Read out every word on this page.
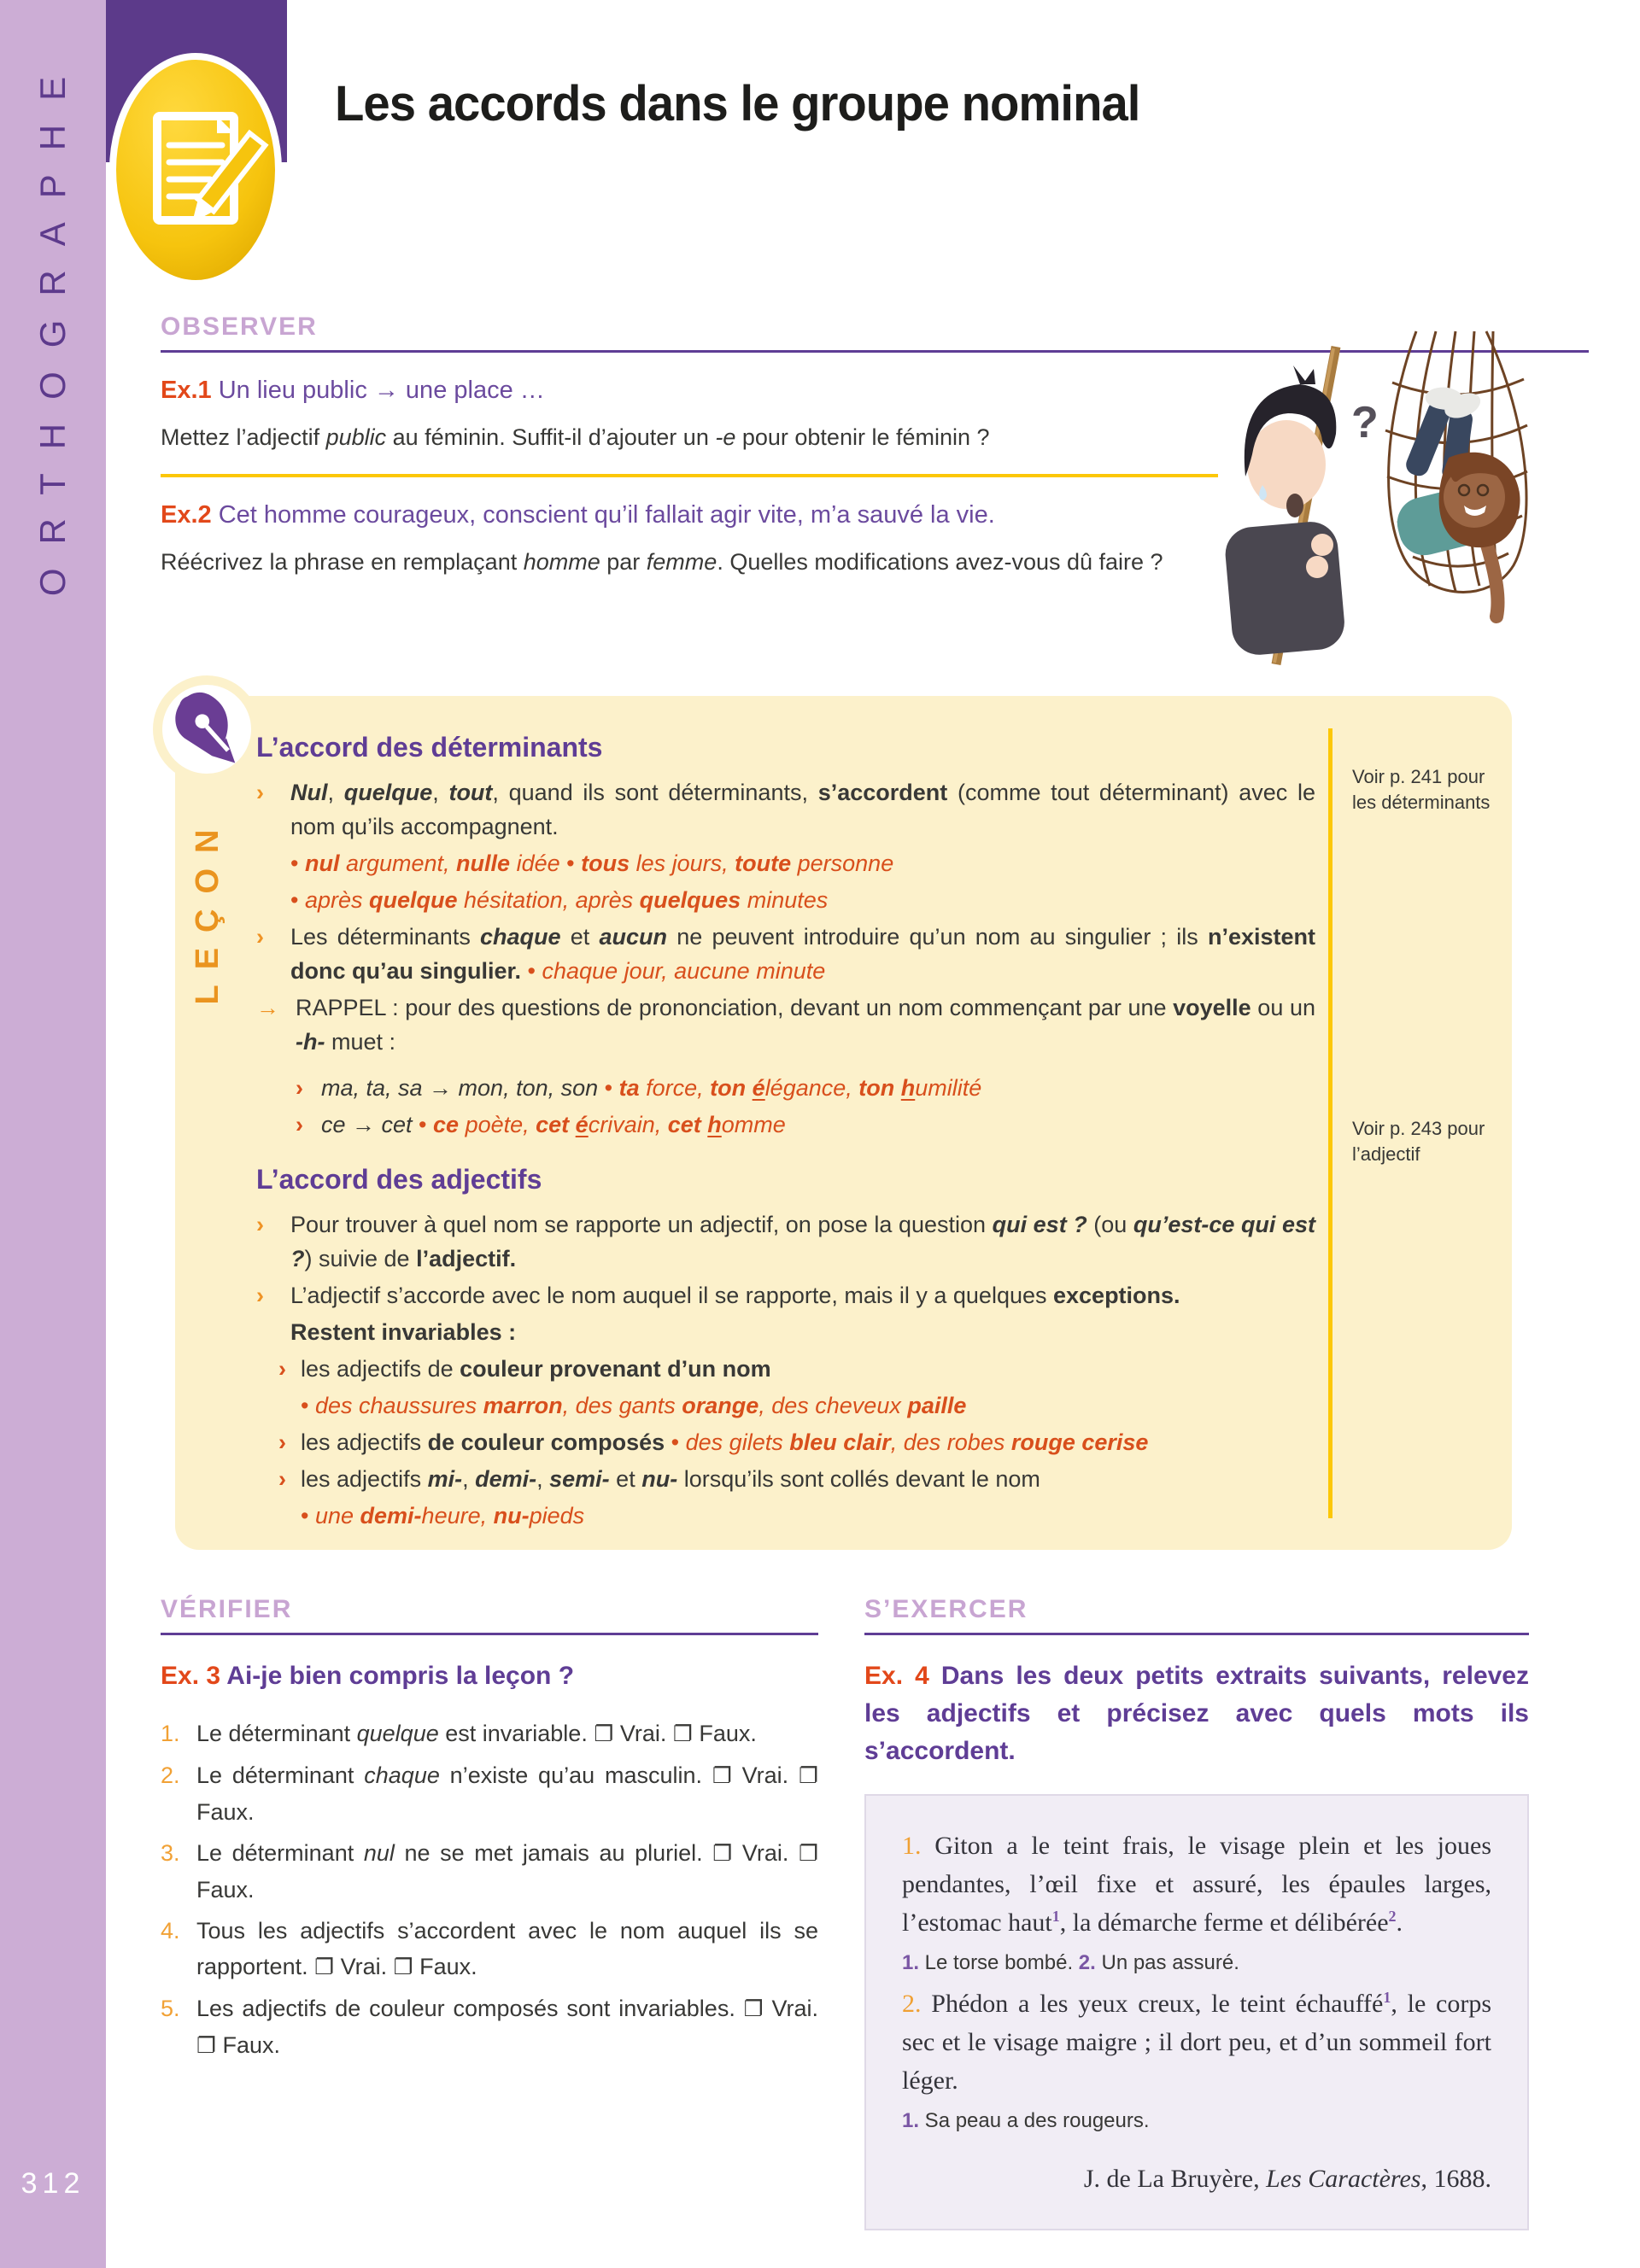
ORTHOGRAPHE
312
Les accords dans le groupe nominal
OBSERVER
Ex.1 Un lieu public → une place …
Mettez l’adjectif public au féminin. Suffit-il d’ajouter un -e pour obtenir le féminin ?
Ex.2 Cet homme courageux, conscient qu’il fallait agir vite, m’a sauvé la vie.
Réécrivez la phrase en remplaçant homme par femme. Quelles modifications avez-vous dû faire ?
?
LEÇON
L’accord des déterminants
› Nul, quelque, tout, quand ils sont déterminants, s’accordent (comme tout déterminant) avec le nom qu’ils accompagnent.
• nul argument, nulle idée • tous les jours, toute personne
• après quelque hésitation, après quelques minutes
› Les déterminants chaque et aucun ne peuvent introduire qu’un nom au singulier ; ils n’existent donc qu’au singulier. • chaque jour, aucune minute
→ RAPPEL : pour des questions de prononciation, devant un nom commençant par une voyelle ou un -h- muet :
› ma, ta, sa → mon, ton, son • ta force, ton élégance, ton humilité
› ce → cet • ce poète, cet écrivain, cet homme
L’accord des adjectifs
› Pour trouver à quel nom se rapporte un adjectif, on pose la question qui est ? (ou qu’est-ce qui est ?) suivie de l’adjectif.
› L’adjectif s’accorde avec le nom auquel il se rapporte, mais il y a quelques exceptions.
Restent invariables :
› les adjectifs de couleur provenant d’un nom
• des chaussures marron, des gants orange, des cheveux paille
› les adjectifs de couleur composés • des gilets bleu clair, des robes rouge cerise
› les adjectifs mi-, demi-, semi- et nu- lorsqu’ils sont collés devant le nom
• une demi-heure, nu-pieds
Voir p. 241 pour les déterminants
Voir p. 243 pour l’adjectif
VÉRIFIER
Ex. 3 Ai-je bien compris la leçon ?
1.Le déterminant quelque est invariable. ❐ Vrai. ❐ Faux.
2.Le déterminant chaque n’existe qu’au masculin. ❐ Vrai. ❐ Faux.
3.Le déterminant nul ne se met jamais au pluriel. ❐ Vrai. ❐ Faux.
4.Tous les adjectifs s’accordent avec le nom auquel ils se rapportent. ❐ Vrai. ❐ Faux.
5.Les adjectifs de couleur composés sont invariables. ❐ Vrai. ❐ Faux.
S’EXERCER
Ex. 4 Dans les deux petits extraits suivants, relevez les adjectifs et précisez avec quels mots ils s’accordent.
1. Giton a le teint frais, le visage plein et les joues pendantes, l’œil fixe et assuré, les épaules larges, l’estomac haut$^1$, la démarche ferme et délibérée$^2$.
1. Le torse bombé. 2. Un pas assuré.
2. Phédon a les yeux creux, le teint échauffé$^1$, le corps sec et le visage maigre ; il dort peu, et d’un sommeil fort léger.
1. Sa peau a des rougeurs.
J. de La Bruyère, Les Caractères, 1688.
